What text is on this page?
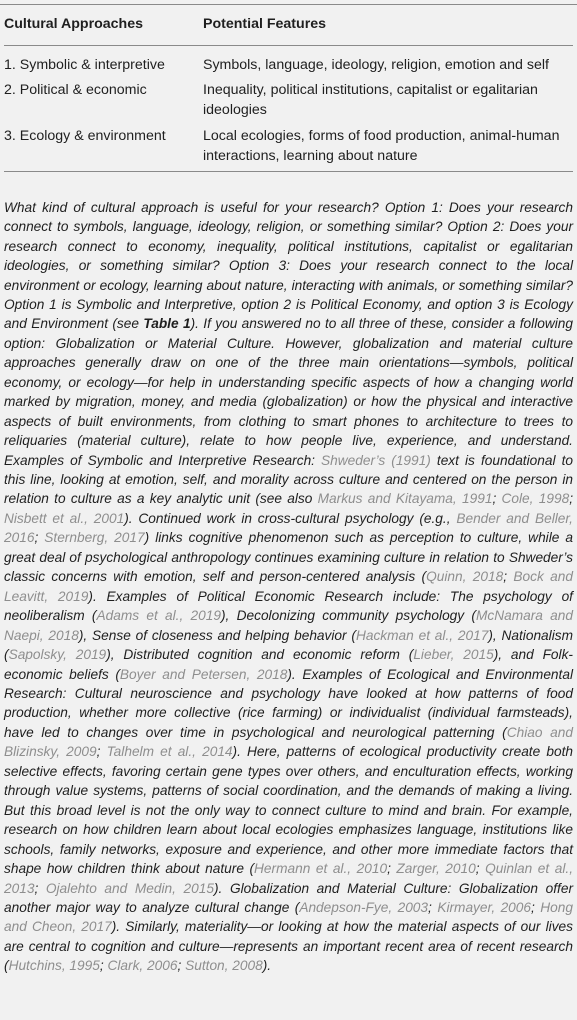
Cultural Approaches	Potential Features
1. Symbolic & interpretive	Symbols, language, ideology, religion, emotion and self
2. Political & economic	Inequality, political institutions, capitalist or egalitarian ideologies
3. Ecology & environment	Local ecologies, forms of food production, animal-human interactions, learning about nature

What kind of cultural approach is useful for your research? Option 1: Does your research connect to symbols, language, ideology, religion, or something similar? Option 2: Does your research connect to economy, inequality, political institutions, capitalist or egalitarian ideologies, or something similar? Option 3: Does your research connect to the local environment or ecology, learning about nature, interacting with animals, or something similar? Option 1 is Symbolic and Interpretive, option 2 is Political Economy, and option 3 is Ecology and Environment (see Table 1). If you answered no to all three of these, consider a following option: Globalization or Material Culture. However, globalization and material culture approaches generally draw on one of the three main orientations—symbols, political economy, or ecology—for help in understanding specific aspects of how a changing world marked by migration, money, and media (globalization) or how the physical and interactive aspects of built environments, from clothing to smart phones to architecture to trees to reliquaries (material culture), relate to how people live, experience, and understand. Examples of Symbolic and Interpretive Research: Shweder’s (1991) text is foundational to this line, looking at emotion, self, and morality across culture and centered on the person in relation to culture as a key analytic unit (see also Markus and Kitayama, 1991; Cole, 1998; Nisbett et al., 2001). Continued work in cross-cultural psychology (e.g., Bender and Beller, 2016; Sternberg, 2017) links cognitive phenomenon such as perception to culture, while a great deal of psychological anthropology continues examining culture in relation to Shweder’s classic concerns with emotion, self and person-centered analysis (Quinn, 2018; Bock and Leavitt, 2019). Examples of Political Economic Research include: The psychology of neoliberalism (Adams et al., 2019), Decolonizing community psychology (McNamara and Naepi, 2018), Sense of closeness and helping behavior (Hackman et al., 2017), Nationalism (Sapolsky, 2019), Distributed cognition and economic reform (Lieber, 2015), and Folk-economic beliefs (Boyer and Petersen, 2018). Examples of Ecological and Environmental Research: Cultural neuroscience and psychology have looked at how patterns of food production, whether more collective (rice farming) or individualist (individual farmsteads), have led to changes over time in psychological and neurological patterning (Chiao and Blizinsky, 2009; Talhelm et al., 2014). Here, patterns of ecological productivity create both selective effects, favoring certain gene types over others, and enculturation effects, working through value systems, patterns of social coordination, and the demands of making a living. But this broad level is not the only way to connect culture to mind and brain. For example, research on how children learn about local ecologies emphasizes language, institutions like schools, family networks, exposure and experience, and other more immediate factors that shape how children think about nature (Hermann et al., 2010; Zarger, 2010; Quinlan et al., 2013; Ojalehto and Medin, 2015). Globalization and Material Culture: Globalization offer another major way to analyze cultural change (Andepson-Fye, 2003; Kirmayer, 2006; Hong and Cheon, 2017). Similarly, materiality—or looking at how the material aspects of our lives are central to cognition and culture—represents an important recent area of recent research (Hutchins, 1995; Clark, 2006; Sutton, 2008).
